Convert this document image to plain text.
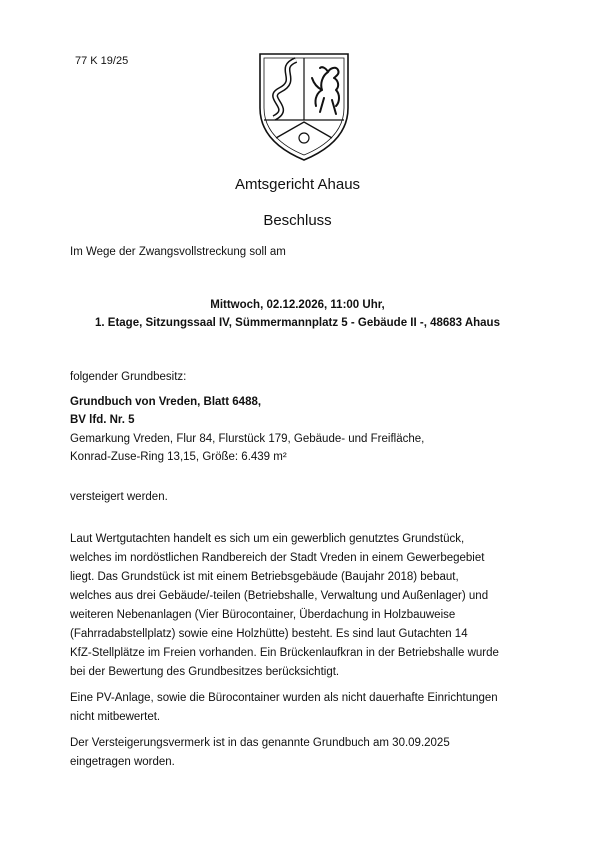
77 K 19/25

Amtsgericht Ahaus
Beschluss

Im Wege der Zwangsvollstreckung soll am

Mittwoch, 02.12.2026, 11:00 Uhr,
1. Etage, Sitzungssaal IV, Sümmermannplatz 5 - Gebäude II -, 48683 Ahaus
folgender Grundbesitz:
Grundbuch von Vreden, Blatt 6488,
BV lfd. Nr. 5
Gemarkung Vreden, Flur 84, Flurstück 179, Gebäude- und Freifläche,
Konrad-Zuse-Ring 13,15, Größe: 6.439 m²

versteigert werden.

Laut Wertgutachten handelt es sich um ein gewerblich genutztes Grundstück,
welches im nordöstlichen Randbereich der Stadt Vreden in einem Gewerbegebiet
liegt. Das Grundstück ist mit einem Betriebsgebäude (Baujahr 2018) bebaut,
welches aus drei Gebäude/-teilen (Betriebshalle, Verwaltung und Außenlager) und
weiteren Nebenanlagen (Vier Bürocontainer, Überdachung in Holzbauweise
(Fahrradabstellplatz) sowie eine Holzhütte) besteht. Es sind laut Gutachten 14
KfZ-Stellplätze im Freien vorhanden. Ein Brückenlaufkran in der Betriebshalle wurde
bei der Bewertung des Grundbesitzes berücksichtigt.
Eine PV-Anlage, sowie die Bürocontainer wurden als nicht dauerhafte Einrichtungen
nicht mitbewertet.
Der Versteigerungsvermerk ist in das genannte Grundbuch am 30.09.2025
eingetragen worden.
